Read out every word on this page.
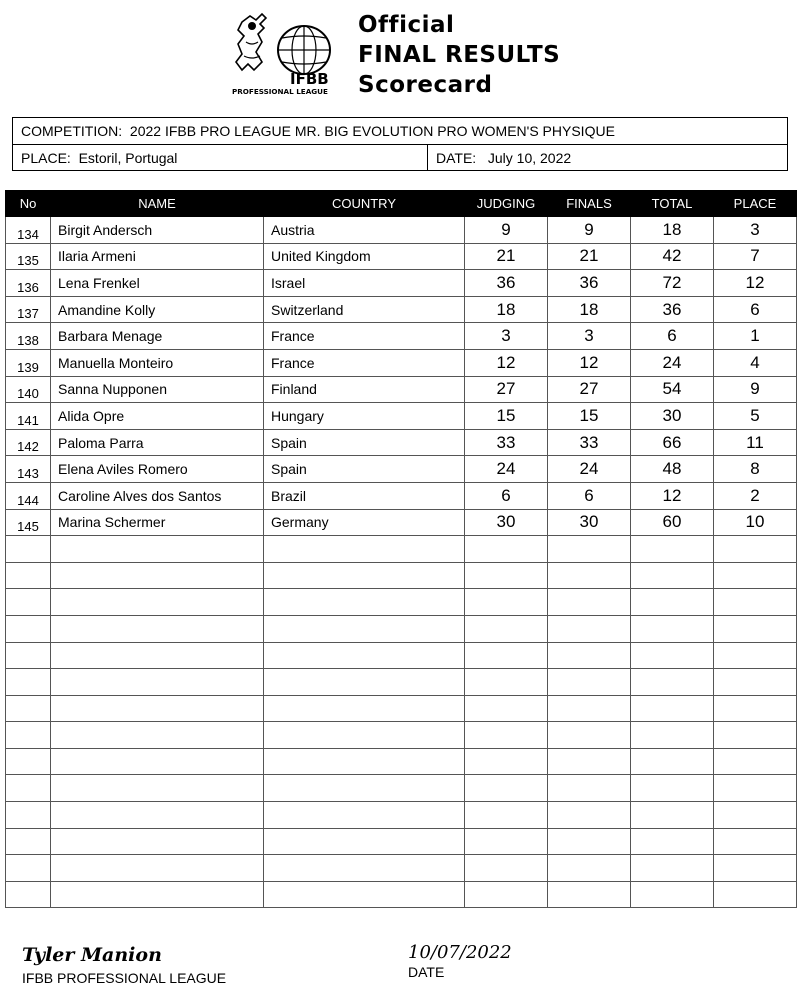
IFBB
PROFESSIONAL LEAGUE
Official
FINAL RESULTS
Scorecard
COMPETITION: 2022 IFBB PRO LEAGUE MR. BIG EVOLUTION PRO WOMEN'S PHYSIQUE
PLACE: Estoril, Portugal	DATE: July 10, 2022
No	NAME	COUNTRY	JUDGING	FINALS	TOTAL	PLACE
134	Birgit Andersch	Austria	9	9	18	3
135	Ilaria Armeni	United Kingdom	21	21	42	7
136	Lena Frenkel	Israel	36	36	72	12
137	Amandine Kolly	Switzerland	18	18	36	6
138	Barbara Menage	France	3	3	6	1
139	Manuella Monteiro	France	12	12	24	4
140	Sanna Nupponen	Finland	27	27	54	9
141	Alida Opre	Hungary	15	15	30	5
142	Paloma Parra	Spain	33	33	66	11
143	Elena Aviles Romero	Spain	24	24	48	8
144	Caroline Alves dos Santos	Brazil	6	6	12	2
145	Marina Schermer	Germany	30	30	60	10

Tyler Manion
IFBB PROFESSIONAL LEAGUE
10/07/2022
DATE
